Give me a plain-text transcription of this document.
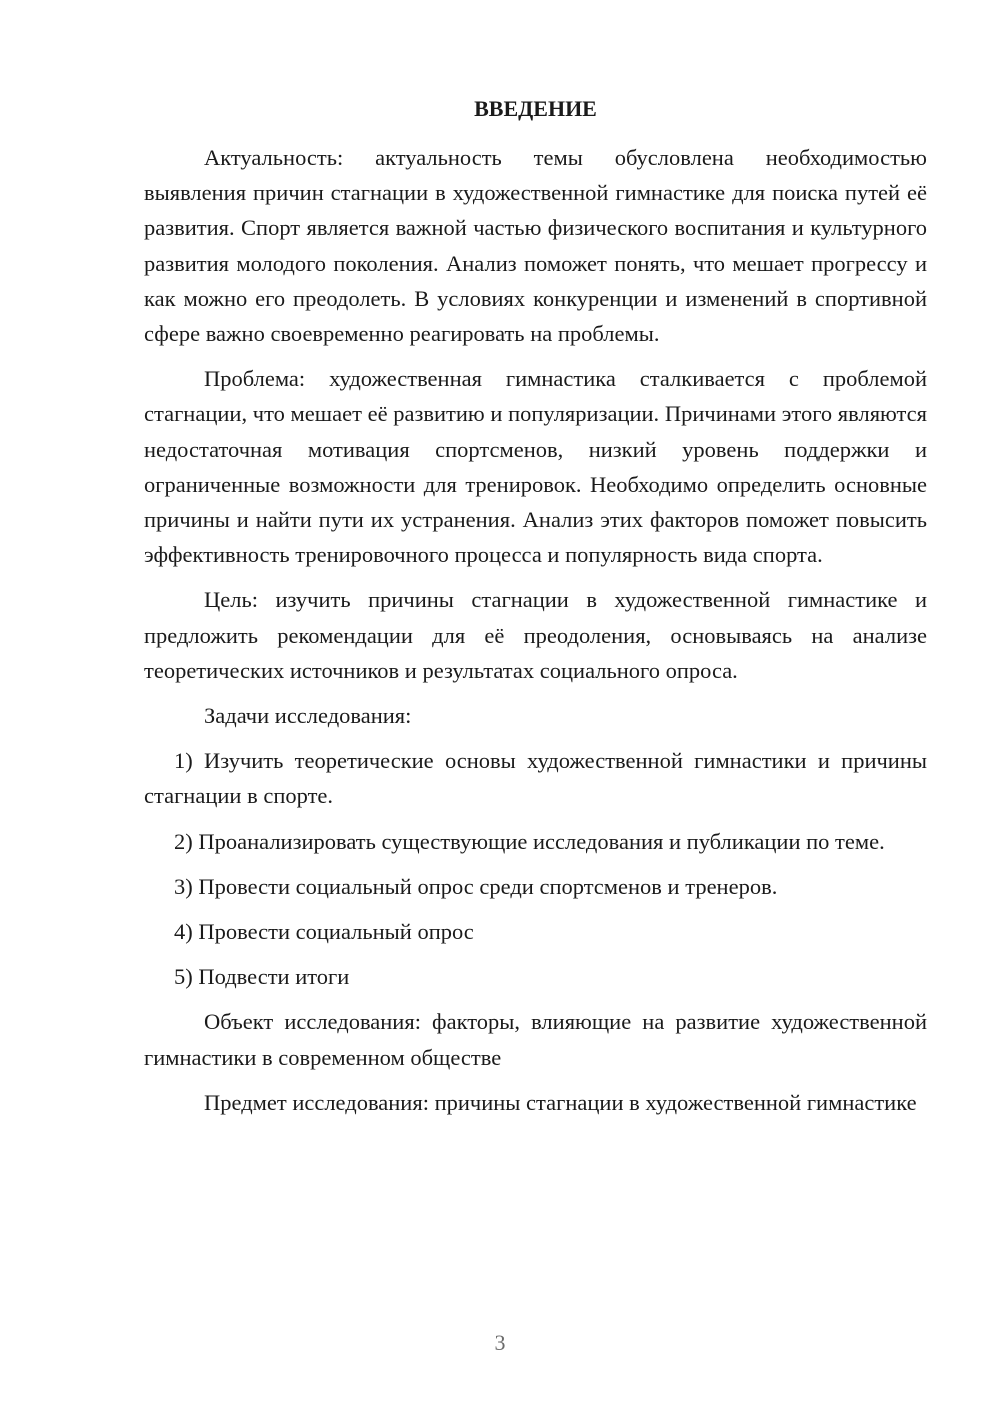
ВВЕДЕНИЕ

Актуальность: актуальность темы обусловлена необходимостью выявления причин стагнации в художественной гимнастике для поиска путей её развития. Спорт является важной частью физического воспитания и культурного развития молодого поколения. Анализ поможет понять, что мешает прогрессу и как можно его преодолеть. В условиях конкуренции и изменений в спортивной сфере важно своевременно реагировать на проблемы.

Проблема: художественная гимнастика сталкивается с проблемой стагнации, что мешает её развитию и популяризации. Причинами этого являются недостаточная мотивация спортсменов, низкий уровень поддержки и ограниченные возможности для тренировок. Необходимо определить основные причины и найти пути их устранения. Анализ этих факторов поможет повысить эффективность тренировочного процесса и популярность вида спорта.

Цель: изучить причины стагнации в художественной гимнастике и предложить рекомендации для её преодоления, основываясь на анализе теоретических источников и результатах социального опроса.

Задачи исследования:

1) Изучить теоретические основы художественной гимнастики и причины стагнации в спорте.

2) Проанализировать существующие исследования и публикации по теме.

3) Провести социальный опрос среди спортсменов и тренеров.

4) Провести социальный опрос

5) Подвести итоги

Объект исследования: факторы, влияющие на развитие художественной гимнастики в современном обществе

Предмет исследования: причины стагнации в художественной гимнастике

3
